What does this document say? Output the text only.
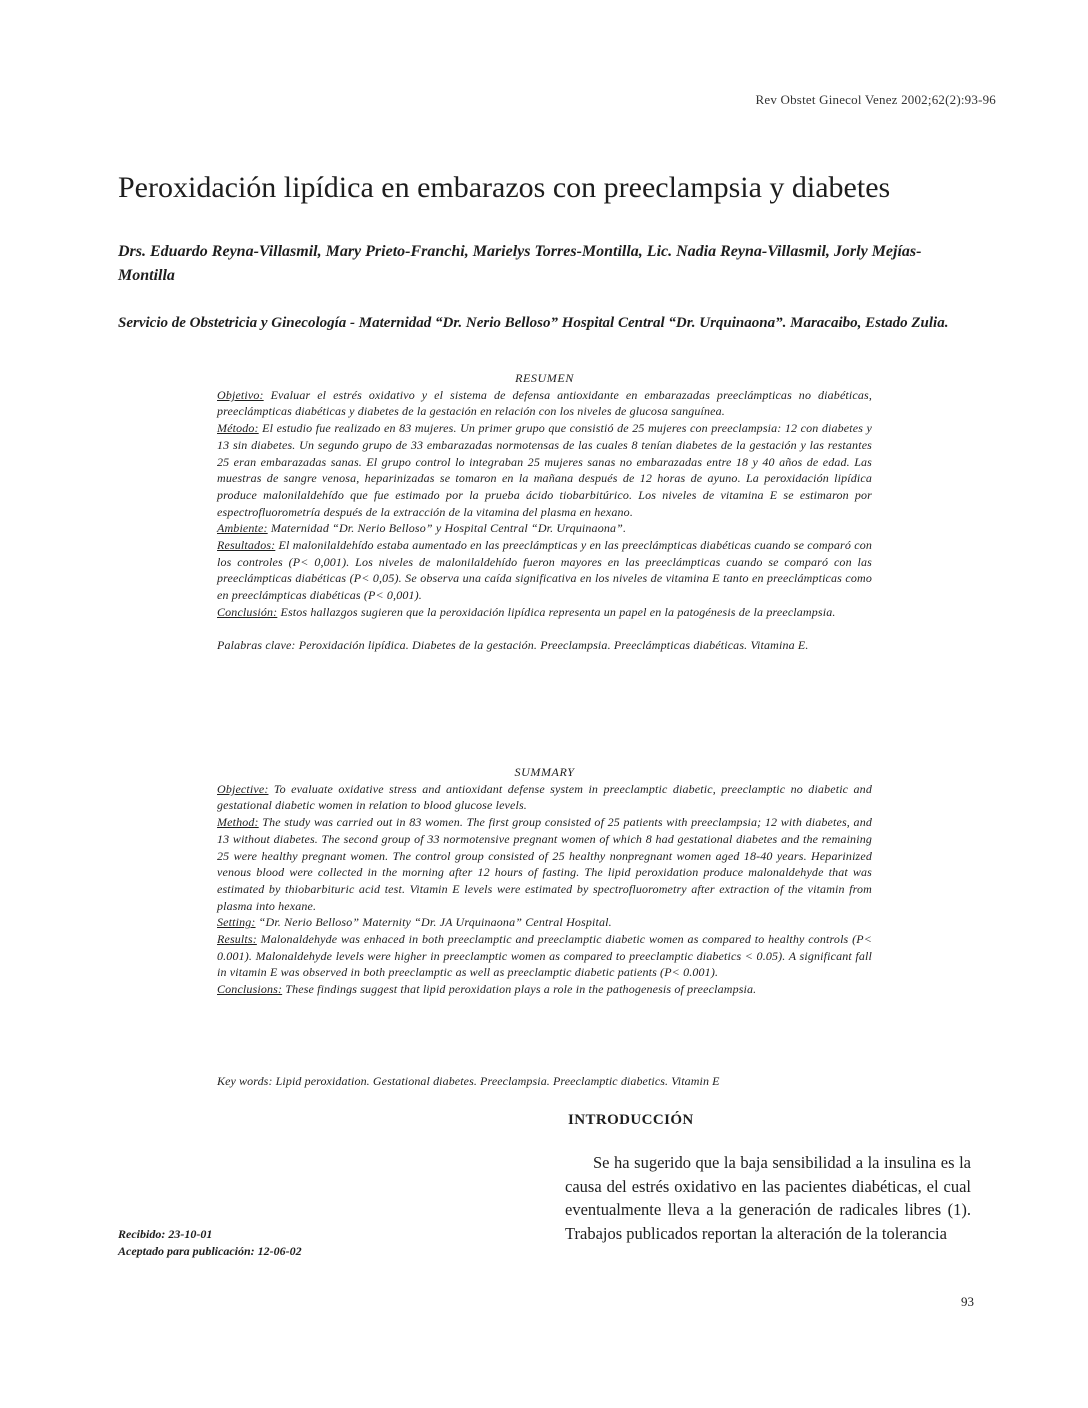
Rev Obstet Ginecol Venez 2002;62(2):93-96
Peroxidación lipídica en embarazos con preeclampsia y diabetes

Drs. Eduardo Reyna-Villasmil, Mary Prieto-Franchi, Marielys Torres-Montilla, Lic. Nadia Reyna-Villasmil, Jorly Mejías-Montilla

Servicio de Obstetricia y Ginecología - Maternidad “Dr. Nerio Belloso” Hospital Central “Dr. Urquinaona”. Maracaibo, Estado Zulia.

RESUMEN

Objetivo: Evaluar el estrés oxidativo y el sistema de defensa antioxidante en embarazadas preeclámpticas no diabéticas, preeclámpticas diabéticas y diabetes de la gestación en relación con los niveles de glucosa sanguínea.

Método: El estudio fue realizado en 83 mujeres. Un primer grupo que consistió de 25 mujeres con preeclampsia: 12 con diabetes y 13 sin diabetes. Un segundo grupo de 33 embarazadas normotensas de las cuales 8 tenían diabetes de la gestación y las restantes 25 eran embarazadas sanas. El grupo control lo integraban 25 mujeres sanas no embarazadas entre 18 y 40 años de edad. Las muestras de sangre venosa, heparinizadas se tomaron en la mañana después de 12 horas de ayuno. La peroxidación lipídica produce malonilaldehído que fue estimado por la prueba ácido tiobarbitúrico. Los niveles de vitamina E se estimaron por espectrofluorometría después de la extracción de la vitamina del plasma en hexano.

Ambiente: Maternidad “Dr. Nerio Belloso” y Hospital Central “Dr. Urquinaona”.

Resultados: El malonilaldehído estaba aumentado en las preeclámpticas y en las preeclámpticas diabéticas cuando se comparó con los controles (P< 0,001). Los niveles de malonilaldehído fueron mayores en las preeclámpticas cuando se comparó con las preeclámpticas diabéticas (P< 0,05). Se observa una caída significativa en los niveles de vitamina E tanto en preeclámpticas como en preeclámpticas diabéticas (P< 0,001).

Conclusión: Estos hallazgos sugieren que la peroxidación lipídica representa un papel en la patogénesis de la preeclampsia.

Palabras clave: Peroxidación lipídica. Diabetes de la gestación. Preeclampsia. Preeclámpticas diabéticas. Vitamina E.

SUMMARY

Objective: To evaluate oxidative stress and antioxidant defense system in preeclamptic diabetic, preeclamptic no diabetic and gestational diabetic women in relation to blood glucose levels.

Method: The study was carried out in 83 women. The first group consisted of 25 patients with preeclampsia; 12 with diabetes, and 13 without diabetes. The second group of 33 normotensive pregnant women of which 8 had gestational diabetes and the remaining 25 were healthy pregnant women. The control group consisted of 25 healthy nonpregnant women aged 18-40 years. Heparinized venous blood were collected in the morning after 12 hours of fasting. The lipid peroxidation produce malonaldehyde that was estimated by thiobarbituric acid test. Vitamin E levels were estimated by spectrofluorometry after extraction of the vitamin from plasma into hexane.

Setting: “Dr. Nerio Belloso” Maternity “Dr. JA Urquinaona” Central Hospital.

Results: Malonaldehyde was enhaced in both preeclamptic and preeclamptic diabetic women as compared to healthy controls (P< 0.001). Malonaldehyde levels were higher in preeclamptic women as compared to preeclamptic diabetics < 0.05). A significant fall in vitamin E was observed in both preeclamptic as well as preeclamptic diabetic patients (P< 0.001).

Conclusions: These findings suggest that lipid peroxidation plays a role in the pathogenesis of preeclampsia.

Key words: Lipid peroxidation. Gestational diabetes. Preeclampsia. Preeclamptic diabetics. Vitamin E
INTRODUCCIÓN

Se ha sugerido que la baja sensibilidad a la insulina es la causa del estrés oxidativo en las pacientes diabéticas, el cual eventualmente lleva a la generación de radicales libres (1). Trabajos publicados reportan la alteración de la tolerancia

Recibido: 23-10-01
Aceptado para publicación: 12-06-02
93
